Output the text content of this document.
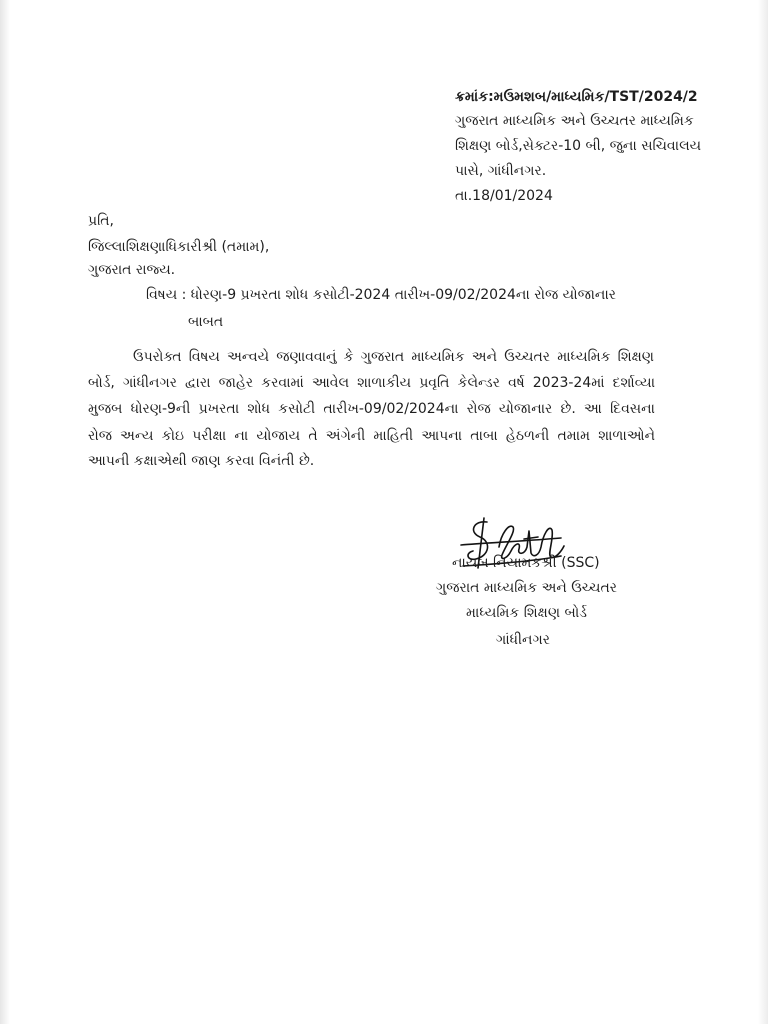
ક્રમાંક:મઉમશબ/માધ્યમિક/TST/2024/2
ગુજરાત માધ્યમિક અને ઉચ્ચતર માધ્યમિક
શિક્ષણ બોર્ડ,સેક્ટર-10 બી, જુના સચિવાલય
પાસે, ગાંધીનગર.
તા.18/01/2024
પ્રતિ,
જિલ્લાશિક્ષણાધિકારીશ્રી (તમામ),
ગુજરાત રાજ્ય.
વિષય : ધોરણ-9 પ્રખરતા શોધ કસોટી-2024 તારીખ-09/02/2024ના રોજ યોજાનાર
બાબત
ઉપરોક્ત વિષય અન્વયે જણાવવાનું કે ગુજરાત માધ્યમિક અને ઉચ્ચતર માધ્યમિક શિક્ષણ
બોર્ડ, ગાંધીનગર દ્વારા જાહેર કરવામાં આવેલ શાળાકીય પ્રવૃતિ કેલેન્ડર વર્ષ 2023-24માં દર્શાવ્યા
મુજબ ધોરણ-9ની પ્રખરતા શોધ કસોટી તારીખ-09/02/2024ના રોજ યોજાનાર છે. આ દિવસના
રોજ અન્ય કોઇ પરીક્ષા ના યોજાય તે અંગેની માહિતી આપના તાબા હેઠળની તમામ શાળાઓને
આપની કક્ષાએથી જાણ કરવા વિનંતી છે.
નાયબ નિયામકશ્રી (SSC)
ગુજરાત માધ્યમિક અને ઉચ્ચતર
માધ્યમિક શિક્ષણ બોર્ડ
ગાંધીનગર
